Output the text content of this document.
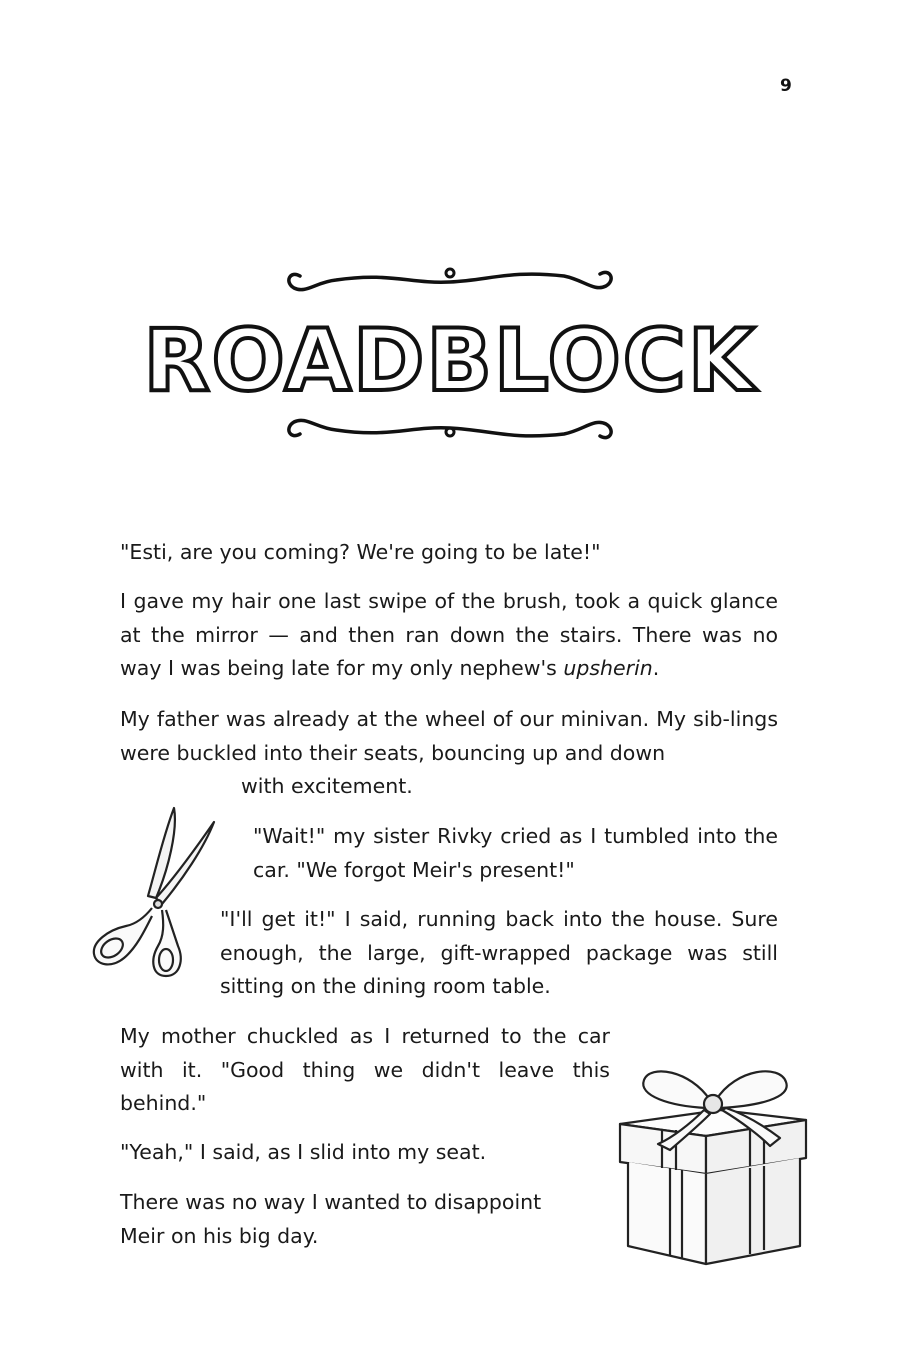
9
ROADBLOCK

"Esti, are you coming? We're going to be late!"

I gave my hair one last swipe of the brush, took a quick glance at the mirror — and then ran down the stairs. There was no way I was being late for my only nephew's upsherin.

My father was already at the wheel of our minivan. My sib-lings were buckled into their seats, bouncing up and down

with excitement.

"Wait!" my sister Rivky cried as I tumbled into the car. "We forgot Meir's present!"

"I'll get it!" I said, running back into the house. Sure enough, the large, gift-wrapped package was still sitting on the dining room table.

My mother chuckled as I returned to the car with it. "Good thing we didn't leave this behind."

"Yeah," I said, as I slid into my seat.

There was no way I wanted to disappoint Meir on his big day.
